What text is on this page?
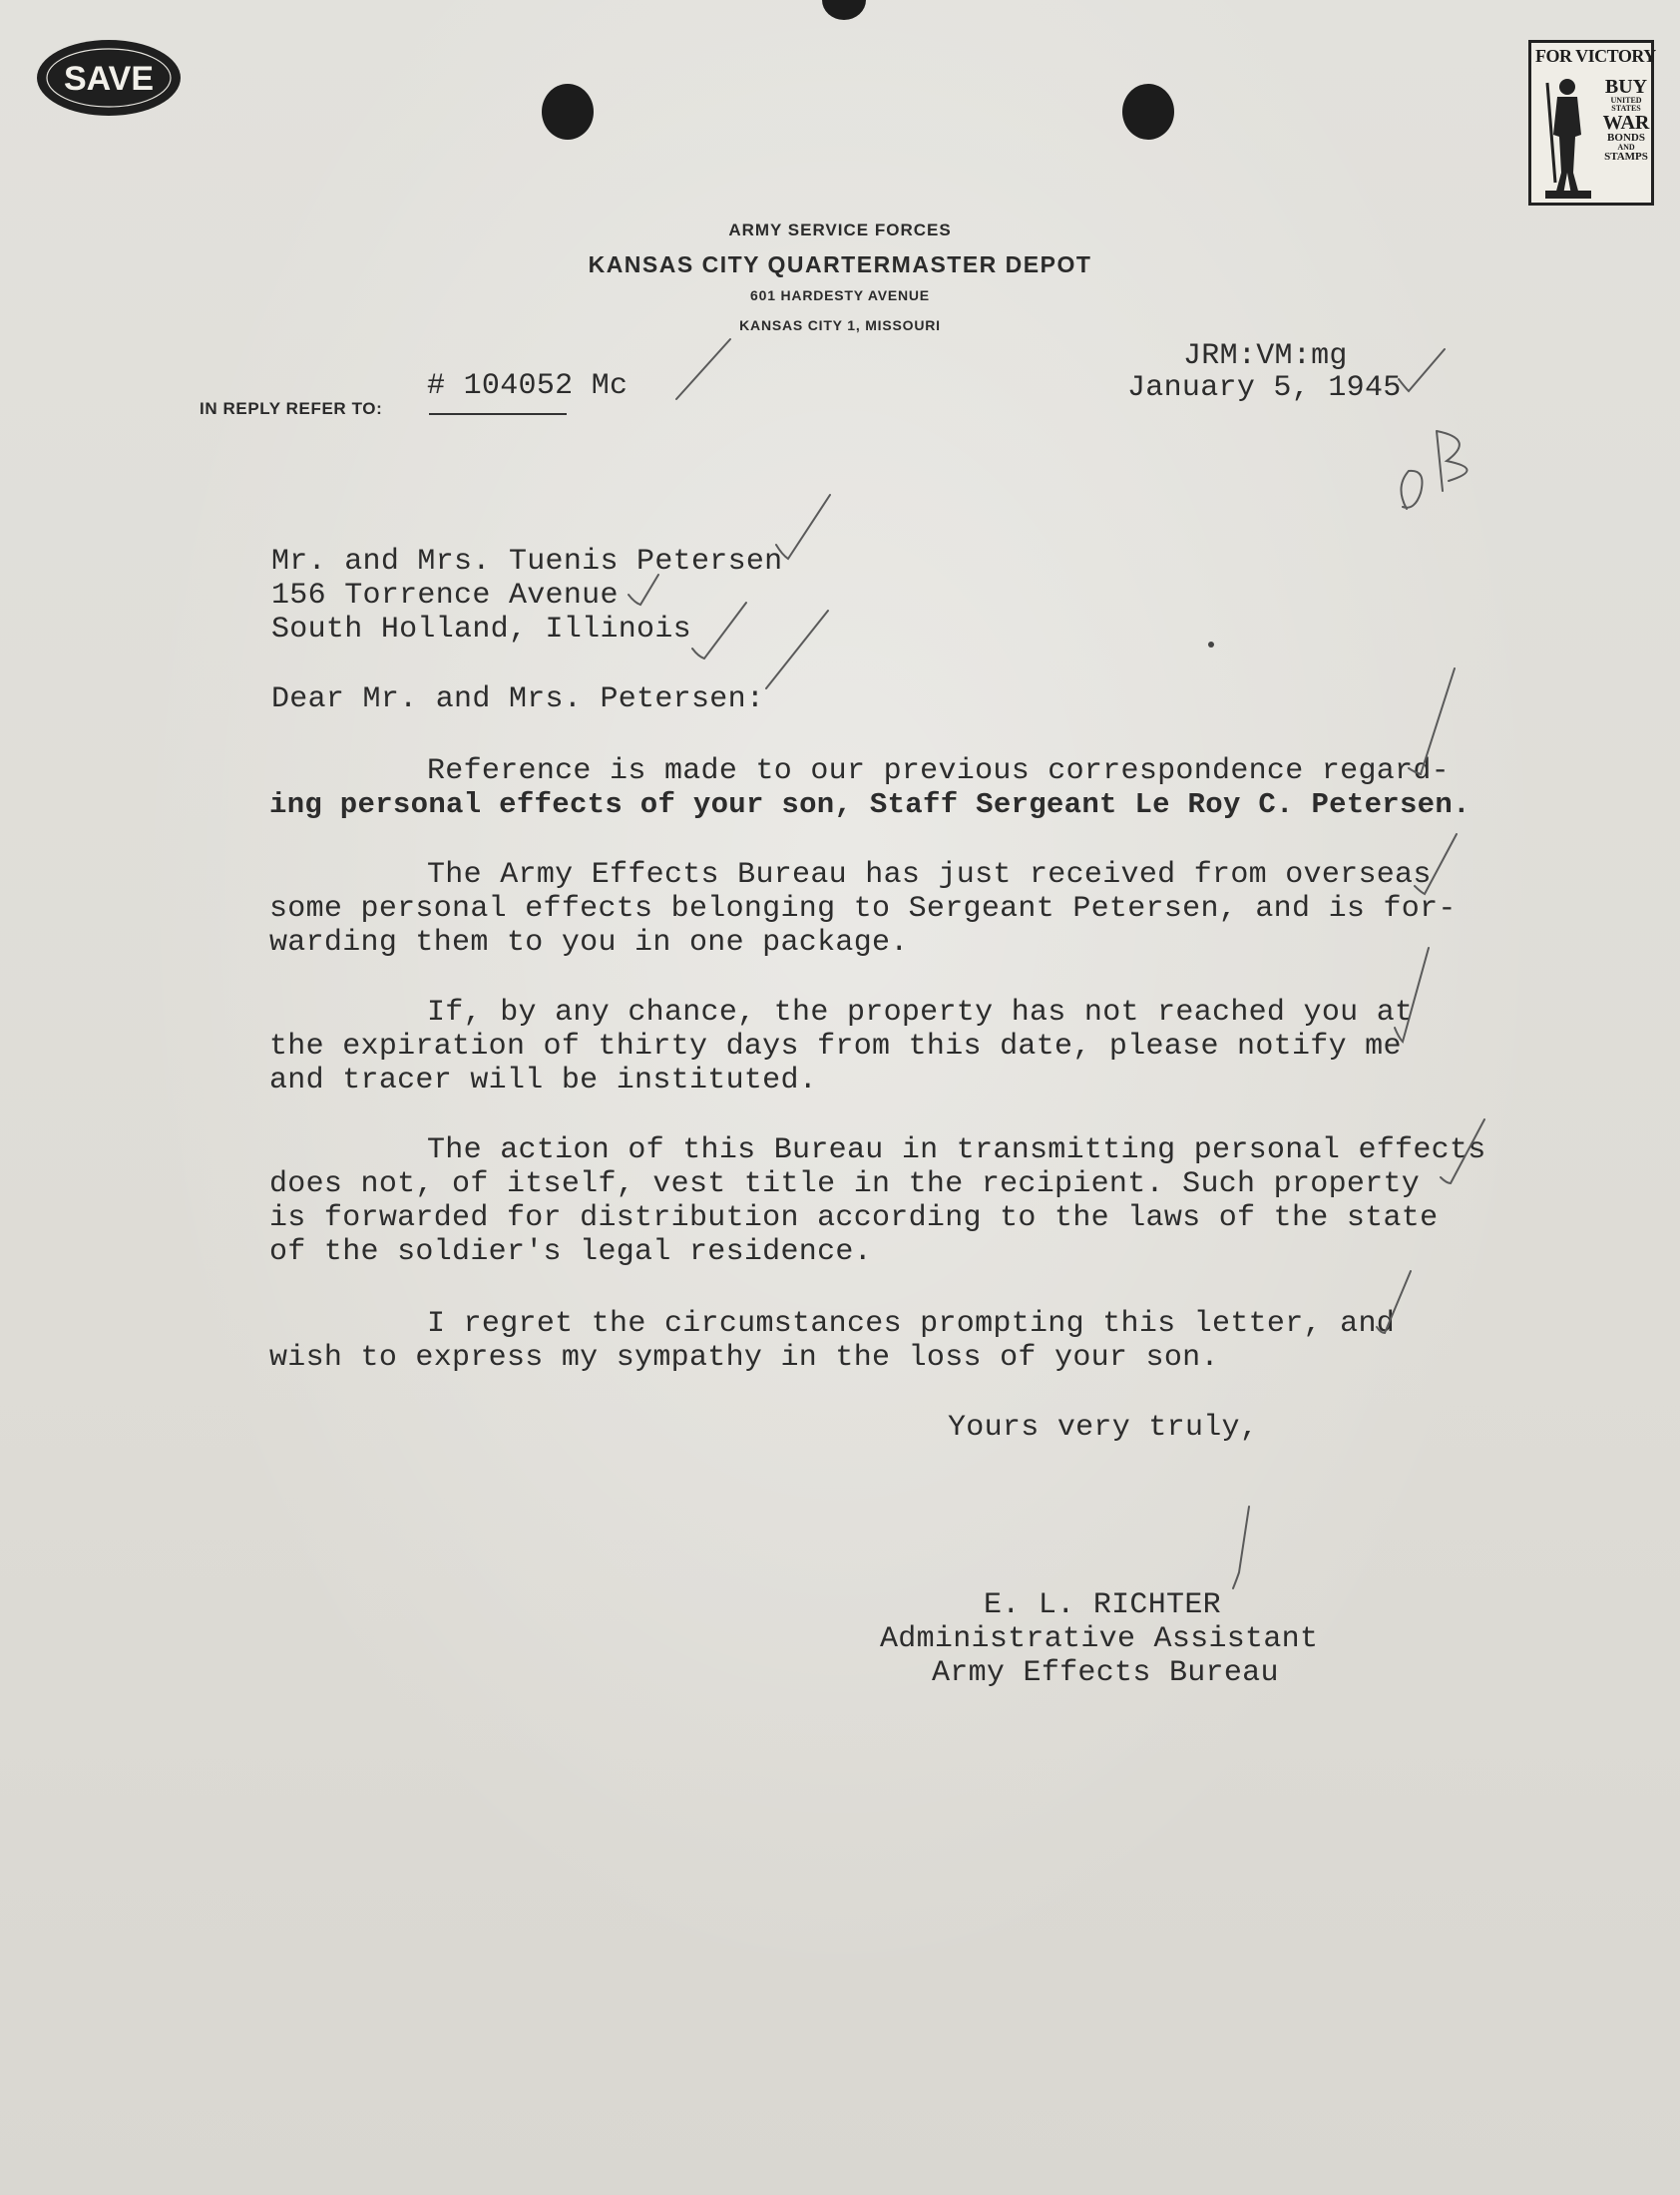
SAVE
FOR VICTORY
BUY
UNITED
STATES
WAR
BONDS
AND
STAMPS
ARMY SERVICE FORCES
KANSAS CITY QUARTERMASTER DEPOT
601 HARDESTY AVENUE
KANSAS CITY 1, MISSOURI
IN REPLY REFER TO:
# 104052 Mc
JRM:VM:mg
January 5, 1945
Mr. and Mrs. Tuenis Petersen
156 Torrence Avenue
South Holland, Illinois
Dear Mr. and Mrs. Petersen:
Reference is made to our previous correspondence regard-
ing personal effects of your son, Staff Sergeant Le Roy C. Petersen.
The Army Effects Bureau has just received from overseas
some personal effects belonging to Sergeant Petersen, and is for-
warding them to you in one package.
If, by any chance, the property has not reached you at
the expiration of thirty days from this date, please notify me
and tracer will be instituted.
The action of this Bureau in transmitting personal effects
does not, of itself, vest title in the recipient. Such property
is forwarded for distribution according to the laws of the state
of the soldier's legal residence.
I regret the circumstances prompting this letter, and
wish to express my sympathy in the loss of your son.
Yours very truly,
E. L. RICHTER
Administrative Assistant
Army Effects Bureau
